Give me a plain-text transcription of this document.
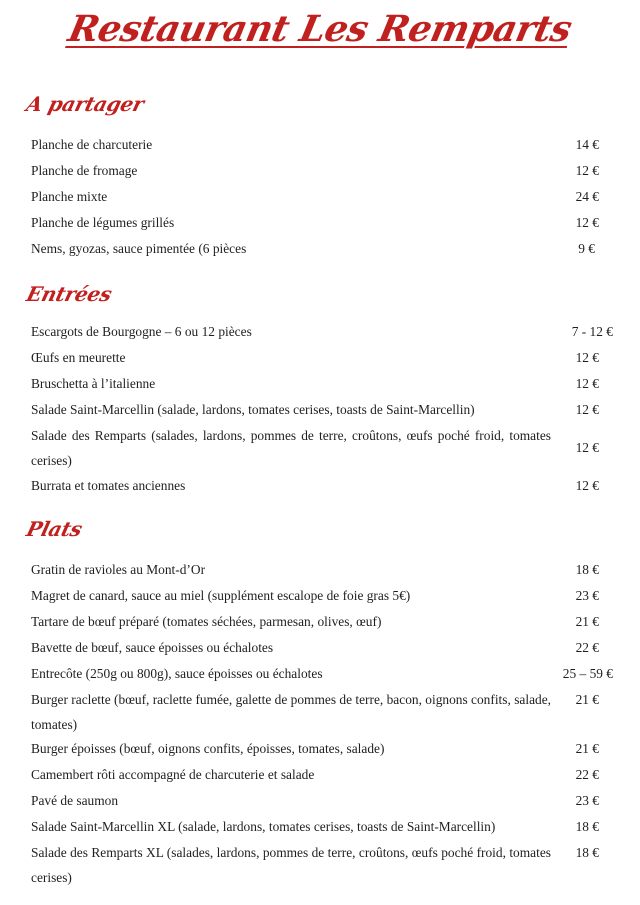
Restaurant Les Remparts
A partager
Planche de charcuterie	14 €
Planche de fromage	12 €
Planche mixte	24 €
Planche de légumes grillés	12 €
Nems, gyozas, sauce pimentée (6 pièces	9 €
Entrées
Escargots de Bourgogne – 6 ou 12 pièces	7 - 12 €
Œufs en meurette	12 €
Bruschetta à l’italienne	12 €
Salade Saint-Marcellin (salade, lardons, tomates cerises, toasts de Saint-Marcellin)	12 €
Salade des Remparts (salades, lardons, pommes de terre, croûtons, œufs poché froid, tomates cerises)
12 €
Burrata et tomates anciennes	12 €
Plats
Gratin de ravioles au Mont-d’Or	18 €
Magret de canard, sauce au miel (supplément escalope de foie gras 5€)	23 €
Tartare de bœuf préparé (tomates séchées, parmesan, olives, œuf)	21 €
Bavette de bœuf, sauce époisses ou échalotes	22 €
Entrecôte (250g ou 800g), sauce époisses ou échalotes	25 – 59 €
Burger raclette (bœuf, raclette fumée, galette de pommes de terre, bacon, oignons confits, salade, tomates)
21 €
Burger époisses (bœuf, oignons confits, époisses, tomates, salade)	21 €
Camembert rôti accompagné de charcuterie et salade	22 €
Pavé de saumon	23 €
Salade Saint-Marcellin XL (salade, lardons, tomates cerises, toasts de Saint-Marcellin)	18 €
Salade des Remparts XL (salades, lardons, pommes de terre, croûtons, œufs poché froid, tomates cerises)
18 €
